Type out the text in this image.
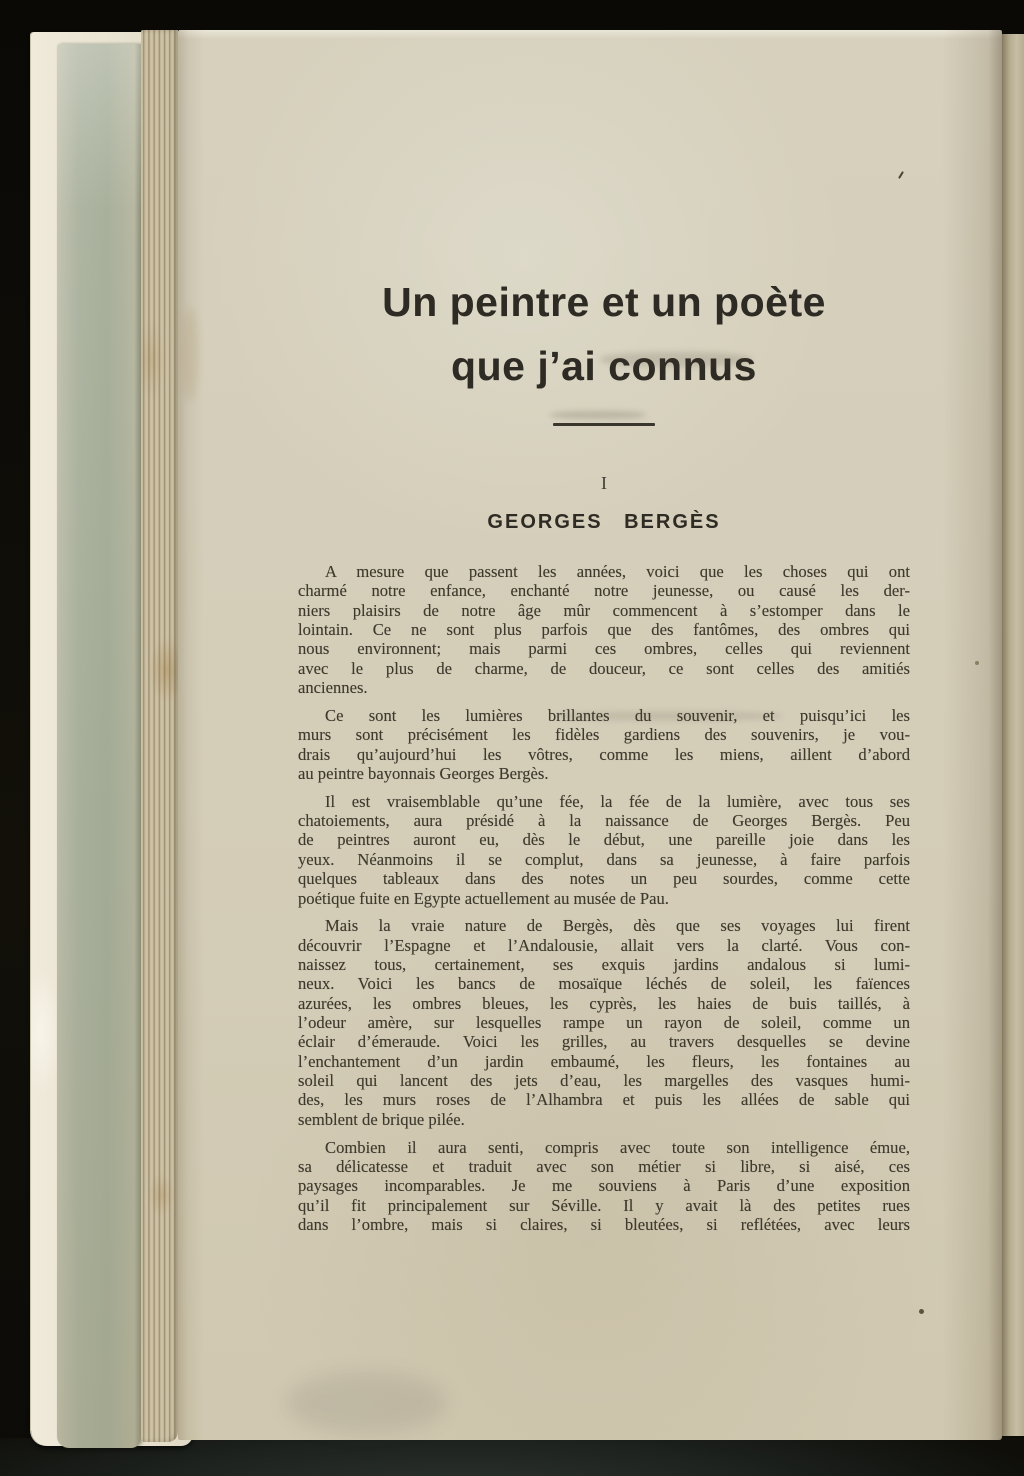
Un peintre et un poète
que j’ai connus
I
GEORGES BERGÈS
A mesure que passent les années, voici que les choses qui ont
charmé notre enfance, enchanté notre jeunesse, ou causé les der-
niers plaisirs de notre âge mûr commencent à s’estomper dans le
lointain. Ce ne sont plus parfois que des fantômes, des ombres qui
nous environnent; mais parmi ces ombres, celles qui reviennent
avec le plus de charme, de douceur, ce sont celles des amitiés
anciennes.
Ce sont les lumières brillantes du souvenir, et puisqu’ici les
murs sont précisément les fidèles gardiens des souvenirs, je vou-
drais qu’aujourd’hui les vôtres, comme les miens, aillent d’abord
au peintre bayonnais Georges Bergès.
Il est vraisemblable qu’une fée, la fée de la lumière, avec tous ses
chatoiements, aura présidé à la naissance de Georges Bergès. Peu
de peintres auront eu, dès le début, une pareille joie dans les
yeux. Néanmoins il se complut, dans sa jeunesse, à faire parfois
quelques tableaux dans des notes un peu sourdes, comme cette
poétique fuite en Egypte actuellement au musée de Pau.
Mais la vraie nature de Bergès, dès que ses voyages lui firent
découvrir l’Espagne et l’Andalousie, allait vers la clarté. Vous con-
naissez tous, certainement, ses exquis jardins andalous si lumi-
neux. Voici les bancs de mosaïque léchés de soleil, les faïences
azurées, les ombres bleues, les cyprès, les haies de buis taillés, à
l’odeur amère, sur lesquelles rampe un rayon de soleil, comme un
éclair d’émeraude. Voici les grilles, au travers desquelles se devine
l’enchantement d’un jardin embaumé, les fleurs, les fontaines au
soleil qui lancent des jets d’eau, les margelles des vasques humi-
des, les murs roses de l’Alhambra et puis les allées de sable qui
semblent de brique pilée.
Combien il aura senti, compris avec toute son intelligence émue,
sa délicatesse et traduit avec son métier si libre, si aisé, ces
paysages incomparables. Je me souviens à Paris d’une exposition
qu’il fit principalement sur Séville. Il y avait là des petites rues
dans l’ombre, mais si claires, si bleutées, si reflétées, avec leurs
